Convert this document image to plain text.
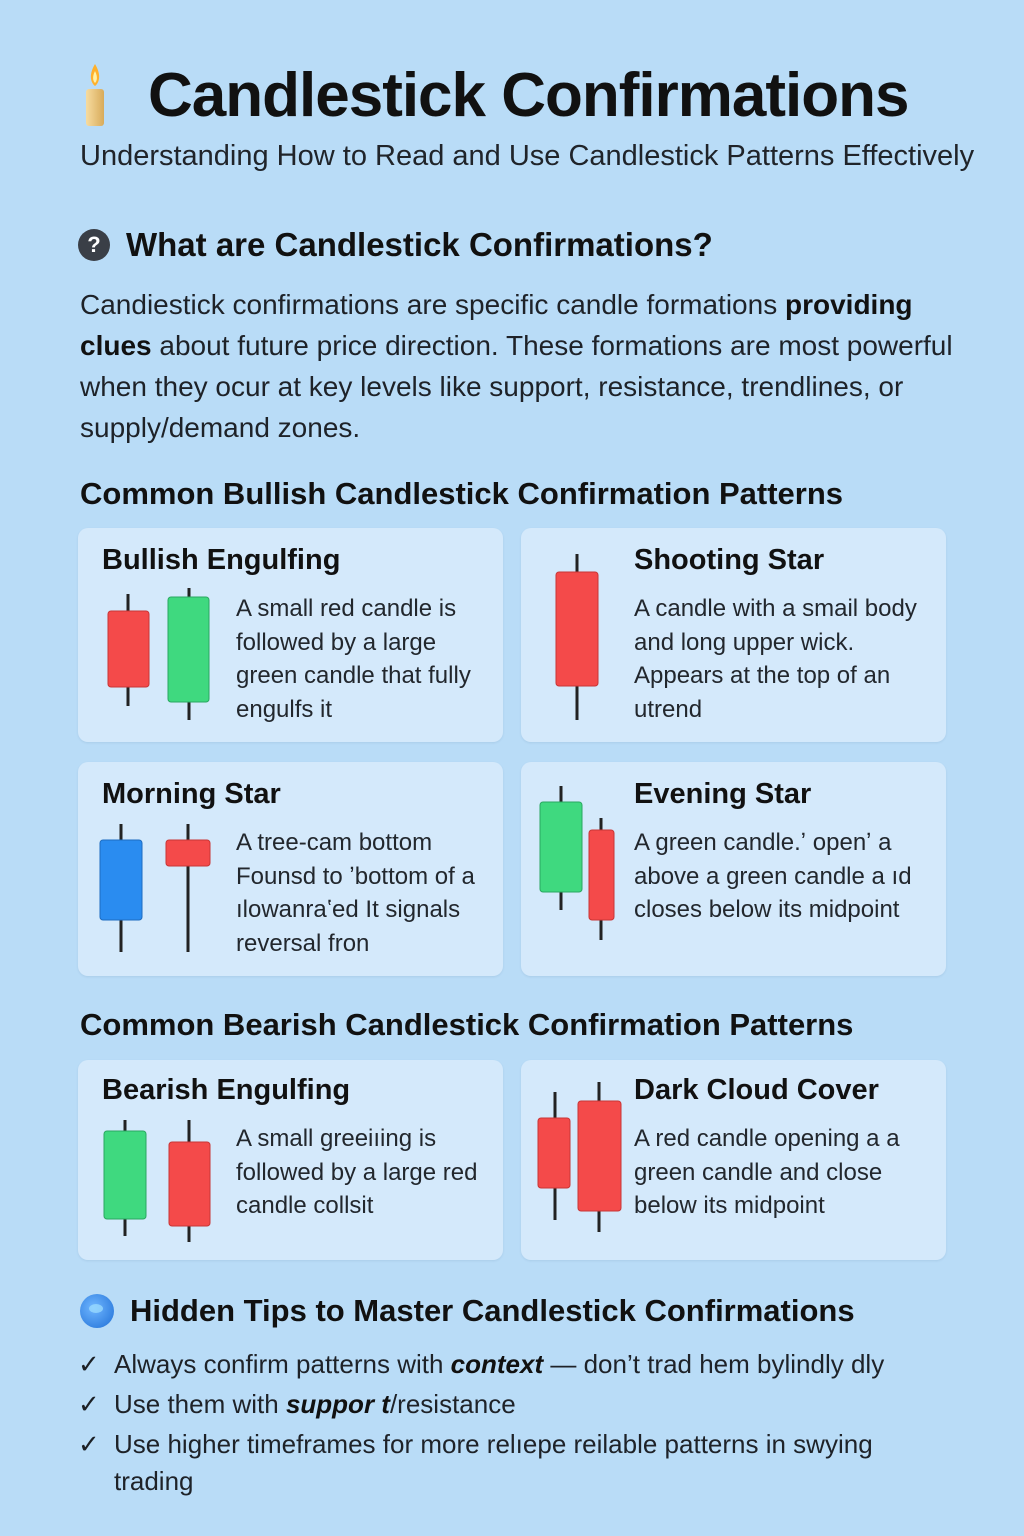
Candlestick Confirmations
Understanding How to Read and Use Candlestick Patterns Effectively
? What are Candlestick Confirmations?
Candiestick confirmations are specific candle formations providing clues about future price direction. These formations are most powerful when they ocur at key levels like support, resistance, trendlines, or supply/demand zones.
Common Bullish Candlestick Confirmation Patterns
Bullish Engulfing
A small red candle is followed by a large green candle that fully engulfs it
Shooting Star
A candle with a smail body and long upper wick. Appears at the top of an utrend
Morning Star
A tree-cam bottom Founsd to ʼbottom of a ılowanraʽed It signals reversal fron
Evening Star
A green candle.ʼ openʼ a above a green candle a ıd closes below its midpoint
Common Bearish Candlestick Confirmation Patterns
Bearish Engulfing
A small greeiıing is followed by a large red candle collsit
Dark Cloud Cover
A red candle opening a a green candle and close below its midpoint
Hidden Tips to Master Candlestick Confirmations
✓ Always confirm patterns with context — don’t trad hem bylindly dly
✓ Use them with suppor t/resistance
✓ Use higher timeframes for more relıepe reilable patterns in swying trading
